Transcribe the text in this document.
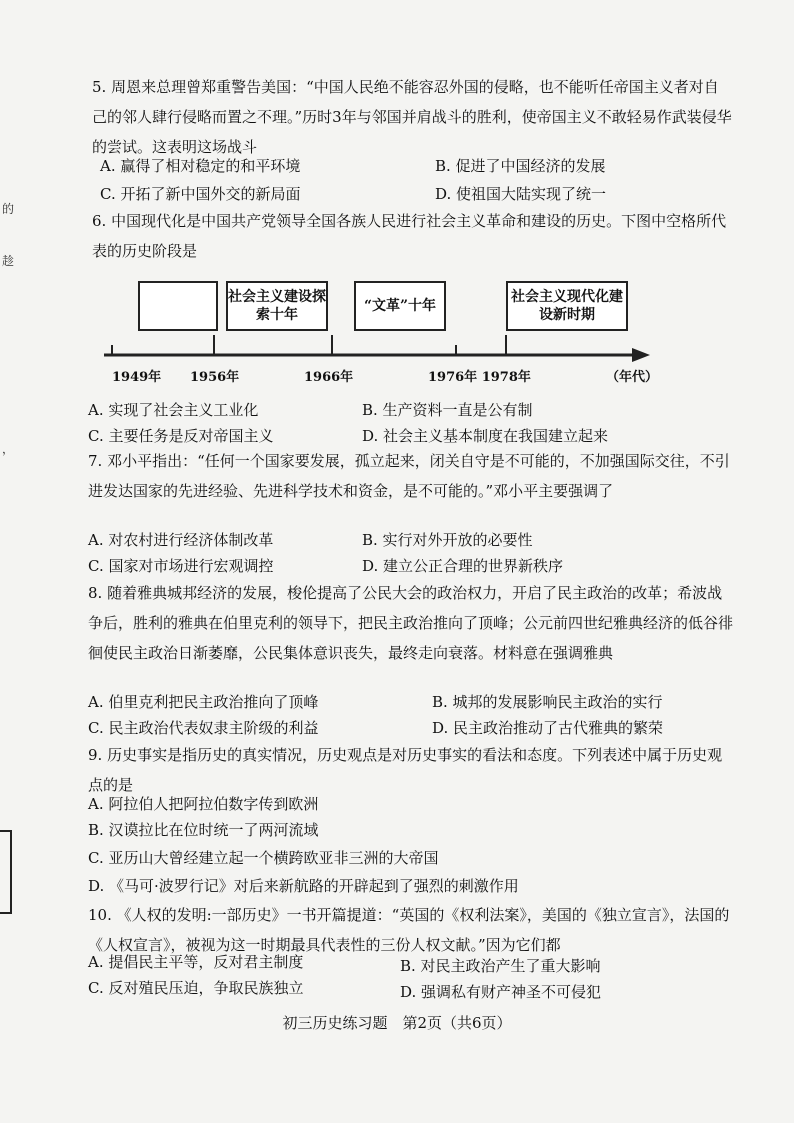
的
趁
，

5. 周恩来总理曾郑重警告美国：“中国人民绝不能容忍外国的侵略，也不能听任帝国主义者对自己的邻人肆行侵略而置之不理。”历时3年与邻国并肩战斗的胜利，使帝国主义不敢轻易作武装侵华的尝试。这表明这场战斗

A. 赢得了相对稳定的和平环境	B. 促进了中国经济的发展
C. 开拓了新中国外交的新局面	D. 使祖国大陆实现了统一

6. 中国现代化是中国共产党领导全国各族人民进行社会主义革命和建设的历史。下图中空格所代表的历史阶段是

社会主义建设探索十年
“文革”十年
社会主义现代化建设新时期
1949年 1956年	1966年	1976年 1978年	（年代）
A. 实现了社会主义工业化	B. 生产资料一直是公有制
C. 主要任务是反对帝国主义	D. 社会主义基本制度在我国建立起来

7. 邓小平指出：“任何一个国家要发展，孤立起来，闭关自守是不可能的，不加强国际交往，不引进发达国家的先进经验、先进科学技术和资金，是不可能的。”邓小平主要强调了

A. 对农村进行经济体制改革	B. 实行对外开放的必要性
C. 国家对市场进行宏观调控	D. 建立公正合理的世界新秩序

8. 随着雅典城邦经济的发展，梭伦提高了公民大会的政治权力，开启了民主政治的改革；希波战争后，胜利的雅典在伯里克利的领导下，把民主政治推向了顶峰；公元前四世纪雅典经济的低谷徘徊使民主政治日渐萎靡，公民集体意识丧失，最终走向衰落。材料意在强调雅典

A. 伯里克利把民主政治推向了顶峰	B. 城邦的发展影响民主政治的实行
C. 民主政治代表奴隶主阶级的利益	D. 民主政治推动了古代雅典的繁荣

9. 历史事实是指历史的真实情况，历史观点是对历史事实的看法和态度。下列表述中属于历史观点的是

A. 阿拉伯人把阿拉伯数字传到欧洲
B. 汉谟拉比在位时统一了两河流域
C. 亚历山大曾经建立起一个横跨欧亚非三洲的大帝国
D. 《马可·波罗行记》对后来新航路的开辟起到了强烈的刺激作用

10. 《人权的发明:一部历史》一书开篇提道：“英国的《权利法案》，美国的《独立宣言》，法国的《人权宣言》，被视为这一时期最具代表性的三份人权文献。”因为它们都

A. 提倡民主平等，反对君主制度	B. 对民主政治产生了重大影响
C. 反对殖民压迫，争取民族独立	D. 强调私有财产神圣不可侵犯
初三历史练习题　第2页（共6页）
